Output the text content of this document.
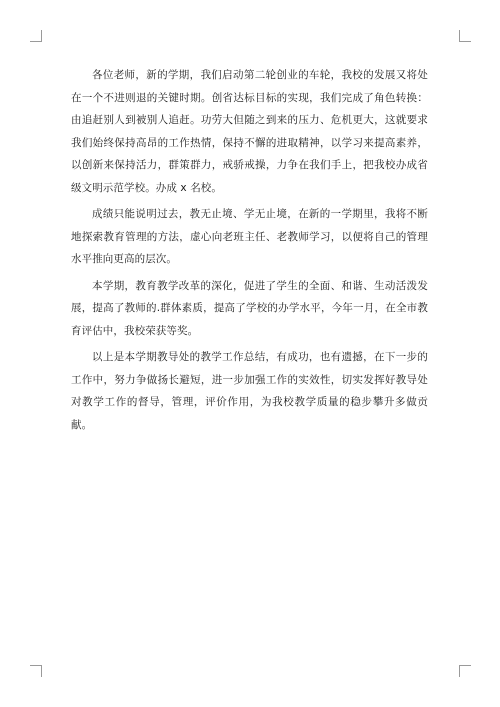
各位老师，新的学期，我们启动第二轮创业的车轮，我校的发展又将处在一个不进则退的关键时期。创省达标目标的实现，我们完成了角色转换：由追赶别人到被别人追赶。功劳大但随之到来的压力、危机更大，这就要求我们始终保持高昂的工作热情，保持不懈的进取精神，以学习来提高素养，以创新来保持活力，群策群力，戒骄戒操，力争在我们手上，把我校办成省级文明示范学校。办成 x 名校。

成绩只能说明过去，教无止境、学无止境，在新的一学期里，我将不断地探索教育管理的方法，虚心向老班主任、老教师学习，以便将自己的管理水平推向更高的层次。

本学期，教育教学改革的深化，促进了学生的全面、和谐、生动活泼发展，提高了教师的.群体素质，提高了学校的办学水平，今年一月，在全市教育评估中，我校荣获等奖。

以上是本学期教导处的教学工作总结，有成功，也有遗撼，在下一步的工作中，努力争做扬长避短，进一步加强工作的实效性，切实发挥好教导处对教学工作的督导，管理，评价作用，为我校教学质量的稳步攀升多做贡献。
